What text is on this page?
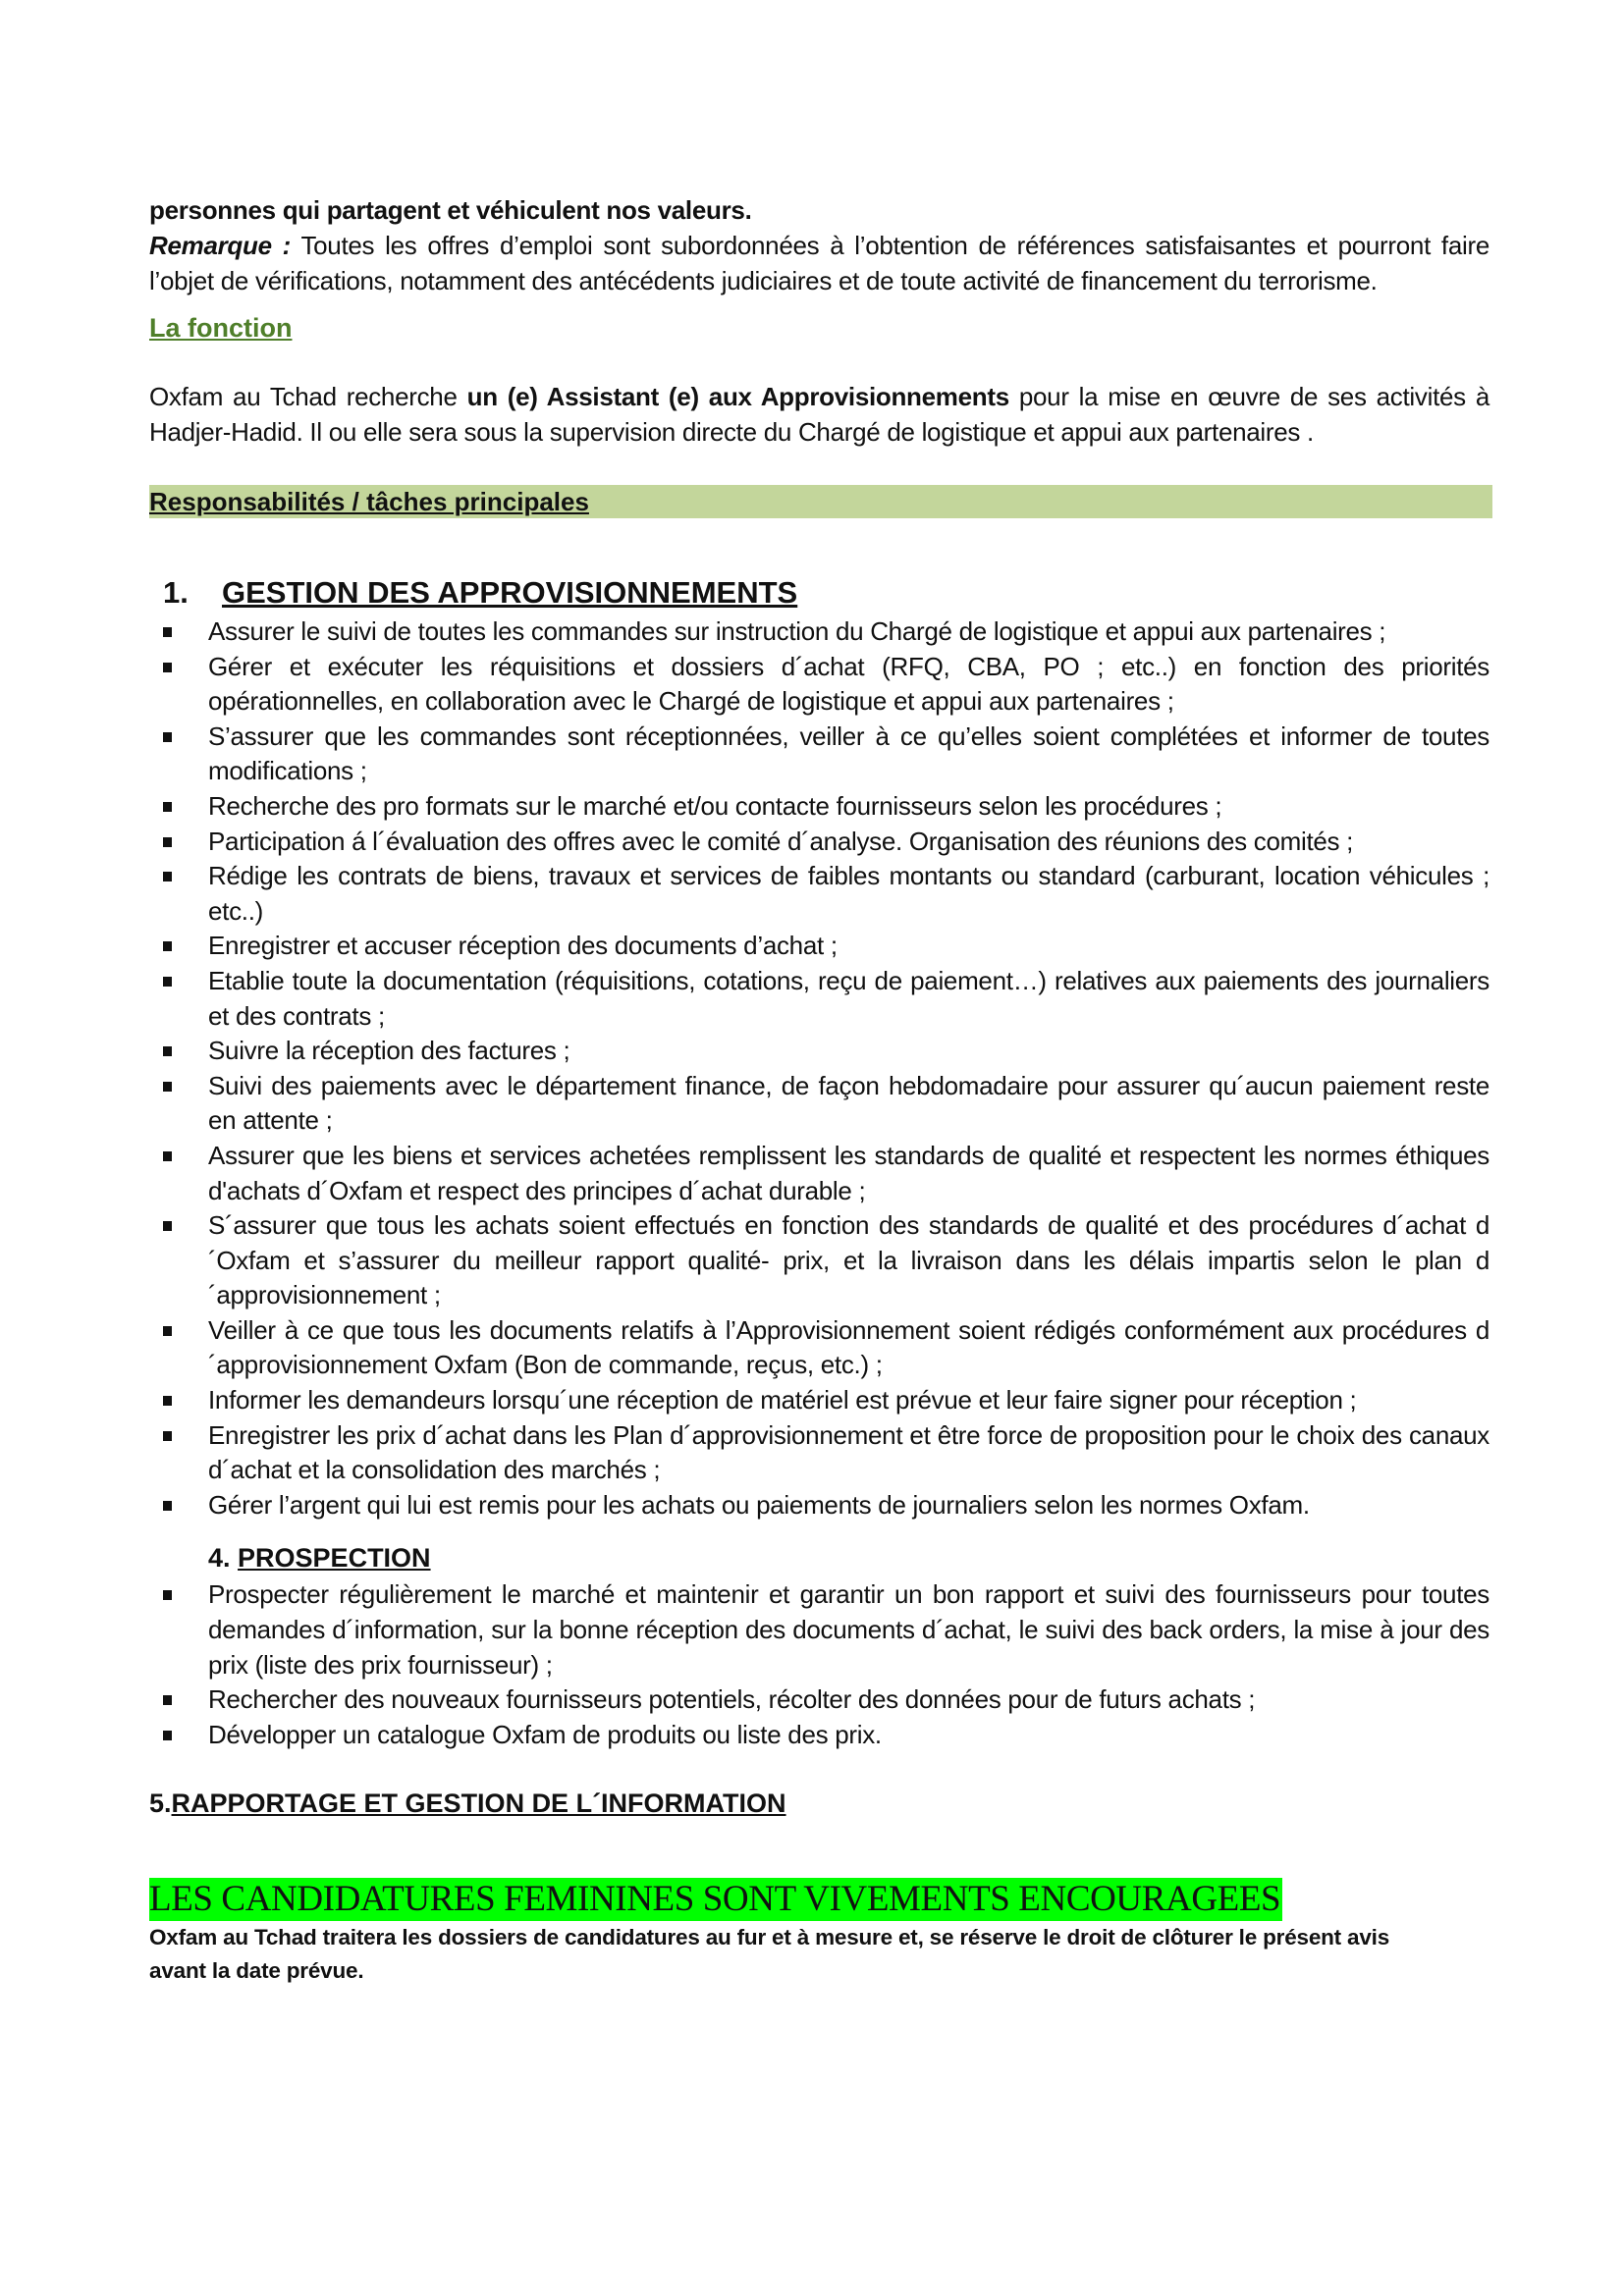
personnes qui partagent et véhiculent nos valeurs.

Remarque : Toutes les offres d’emploi sont subordonnées à l’obtention de références satisfaisantes et pourront faire l’objet de vérifications, notamment des antécédents judiciaires et de toute activité de financement du terrorisme.

La fonction

Oxfam au Tchad recherche un (e) Assistant (e) aux Approvisionnements pour la mise en œuvre de ses activités à Hadjer-Hadid. Il ou elle sera sous la supervision directe du Chargé de logistique et appui aux partenaires .

Responsabilités / tâches principales
1.	GESTION DES APPROVISIONNEMENTS
Assurer le suivi de toutes les commandes sur instruction du Chargé de logistique et appui aux partenaires ;
Gérer et exécuter les réquisitions et dossiers d´achat (RFQ, CBA, PO ; etc..) en fonction des priorités opérationnelles, en collaboration avec le Chargé de logistique et appui aux partenaires ;
S’assurer que les commandes sont réceptionnées, veiller à ce qu’elles soient complétées et informer de toutes modifications ;
Recherche des pro formats sur le marché et/ou contacte fournisseurs selon les procédures ;
Participation á l´évaluation des offres avec le comité d´analyse. Organisation des réunions des comités ;
Rédige les contrats de biens, travaux et services de faibles montants ou standard (carburant, location véhicules ; etc..)
Enregistrer et accuser réception des documents d’achat ;
Etablie toute la documentation (réquisitions, cotations, reçu de paiement…) relatives aux paiements des journaliers et des contrats ;
Suivre la réception des factures ;
Suivi des paiements avec le département finance, de façon hebdomadaire pour assurer qu´aucun paiement reste en attente ;
Assurer que les biens et services achetées remplissent les standards de qualité et respectent les normes éthiques d'achats d´Oxfam et respect des principes d´achat durable ;
S´assurer que tous les achats soient effectués en fonction des standards de qualité et des procédures d´achat d´Oxfam et s’assurer du meilleur rapport qualité- prix, et la livraison dans les délais impartis selon le plan d´approvisionnement ;
Veiller à ce que tous les documents relatifs à l’Approvisionnement soient rédigés conformément aux procédures d´approvisionnement Oxfam (Bon de commande, reçus, etc.) ;
Informer les demandeurs lorsqu´une réception de matériel est prévue et leur faire signer pour réception ;
Enregistrer les prix d´achat dans les Plan d´approvisionnement et être force de proposition pour le choix des canaux d´achat et la consolidation des marchés ;
Gérer l’argent qui lui est remis pour les achats ou paiements de journaliers selon les normes Oxfam.
4. PROSPECTION
Prospecter régulièrement le marché et maintenir et garantir un bon rapport et suivi des fournisseurs pour toutes demandes d´information, sur la bonne réception des documents d´achat, le suivi des back orders, la mise à jour des prix (liste des prix fournisseur) ;
Rechercher des nouveaux fournisseurs potentiels, récolter des données pour de futurs achats ;
Développer un catalogue Oxfam de produits ou liste des prix.
5.RAPPORTAGE ET GESTION DE L´INFORMATION
LES CANDIDATURES FEMININES SONT VIVEMENTS ENCOURAGEES

Oxfam au Tchad traitera les dossiers de candidatures au fur et à mesure et, se réserve le droit de clôturer le présent avis avant la date prévue.
